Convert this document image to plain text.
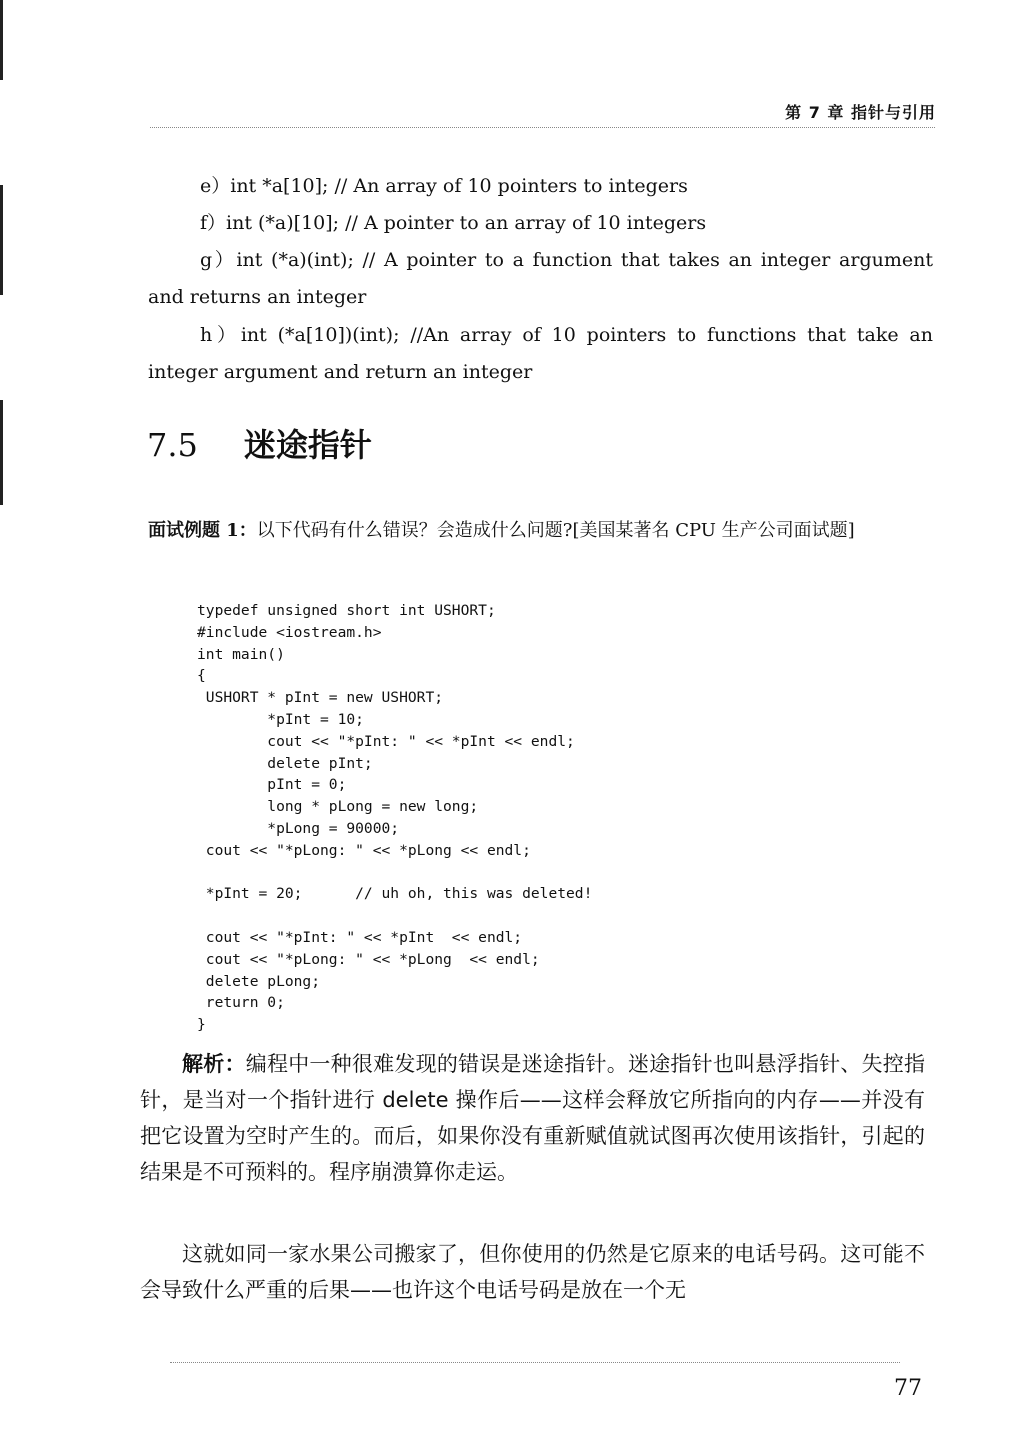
第 7 章 指针与引用
e）int *a[10]; // An array of 10 pointers to integers
f）int (*a)[10]; // A pointer to an array of 10 integers
g）int (*a)(int); // A pointer to a function that takes an integer argument
and returns an integer
h）int (*a[10])(int); //An array of 10 pointers to functions that take an
integer argument and return an integer
7.5 迷途指针
面试例题 1：以下代码有什么错误？会造成什么问题?[美国某著名 CPU 生产公司面试题]
typedef unsigned short int USHORT;
#include <iostream.h>
int main()
{
USHORT * pInt = new USHORT;
*pInt = 10;
cout << "*pInt: " << *pInt << endl;
delete pInt;
pInt = 0;
long * pLong = new long;
*pLong = 90000;
cout << "*pLong: " << *pLong << endl;
*pInt = 20;      // uh oh, this was deleted!
cout << "*pInt: " << *pInt  << endl;
cout << "*pLong: " << *pLong  << endl;
delete pLong;
return 0;
}
解析：编程中一种很难发现的错误是迷途指针。迷途指针也叫悬浮指针、失控指针，是当对一个指针进行 delete 操作后——这样会释放它所指向的内存——并没有把它设置为空时产生的。而后，如果你没有重新赋值就试图再次使用该指针，引起的结果是不可预料的。程序崩溃算你走运。
这就如同一家水果公司搬家了，但你使用的仍然是它原来的电话号码。这可能不会导致什么严重的后果——也许这个电话号码是放在一个无
77
